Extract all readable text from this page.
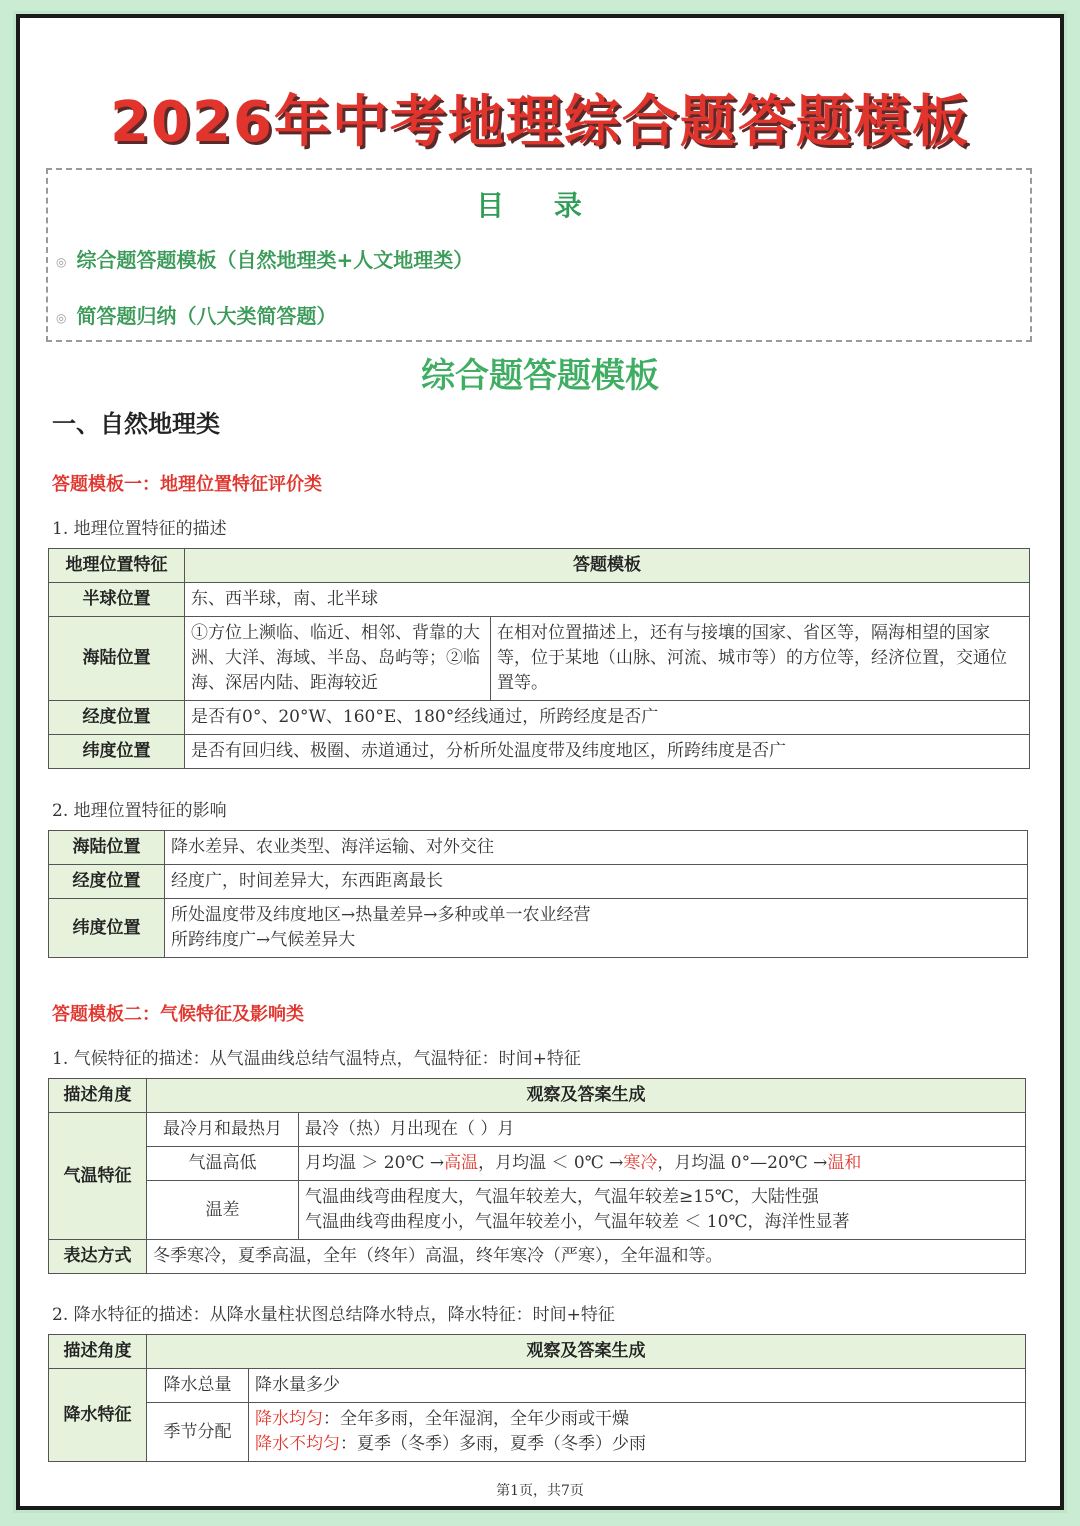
2026年中考地理综合题答题模板
目 录
◎ 综合题答题模板（自然地理类+人文地理类）
◎ 简答题归纳（八大类简答题）
综合题答题模板
一、自然地理类
答题模板一：地理位置特征评价类
1. 地理位置特征的描述
地理位置特征	答题模板	
半球位置	东、西半球，南、北半球	
海陆位置	①方位上濒临、临近、相邻、背靠的大洲、大洋、海域、半岛、岛屿等；②临海、深居内陆、距海较近	在相对位置描述上，还有与接壤的国家、省区等，隔海相望的国家等，位于某地（山脉、河流、城市等）的方位等，经济位置，交通位置等。
经度位置	是否有0°、20°W、160°E、180°经线通过，所跨经度是否广	
纬度位置	是否有回归线、极圈、赤道通过，分析所处温度带及纬度地区，所跨纬度是否广	
2. 地理位置特征的影响
海陆位置	降水差异、农业类型、海洋运输、对外交往
经度位置	经度广，时间差异大，东西距离最长
纬度位置	所处温度带及纬度地区→热量差异→多种或单一农业经营
所跨纬度广→气候差异大
答题模板二：气候特征及影响类
1. 气候特征的描述：从气温曲线总结气温特点，气温特征：时间+特征
描述角度	观察及答案生成	
气温特征	最冷月和最热月	最冷（热）月出现在（ ）月
	气温高低	月均温 ＞ 20℃ →高温，月均温 ＜ 0℃ →寒冷，月均温 0°—20℃ →温和
	温差	气温曲线弯曲程度大，气温年较差大，气温年较差≥15℃，大陆性强
气温曲线弯曲程度小，气温年较差小，气温年较差 ＜ 10℃，海洋性显著

表达方式	冬季寒冷，夏季高温，全年（终年）高温，终年寒冷（严寒），全年温和等。	
2. 降水特征的描述：从降水量柱状图总结降水特点，降水特征：时间+特征
描述角度	观察及答案生成	
降水特征	降水总量	降水量多少
	季节分配	降水均匀：全年多雨，全年湿润，全年少雨或干燥
降水不均匀：夏季（冬季）多雨，夏季（冬季）少雨
第1页，共7页
